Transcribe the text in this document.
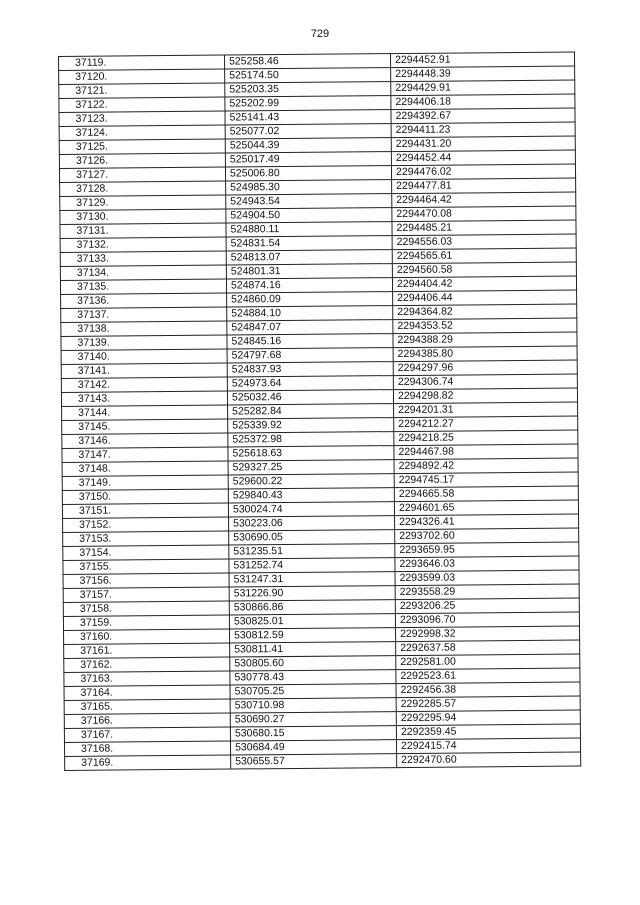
729
37119.	525258.46	2294452.91
37120.	525174.50	2294448.39
37121.	525203.35	2294429.91
37122.	525202.99	2294406.18
37123.	525141.43	2294392.67
37124.	525077.02	2294411.23
37125.	525044.39	2294431.20
37126.	525017.49	2294452.44
37127.	525006.80	2294476.02
37128.	524985.30	2294477.81
37129.	524943.54	2294464.42
37130.	524904.50	2294470.08
37131.	524880.11	2294485.21
37132.	524831.54	2294556.03
37133.	524813.07	2294565.61
37134.	524801.31	2294560.58
37135.	524874.16	2294404.42
37136.	524860.09	2294406.44
37137.	524884.10	2294364.82
37138.	524847.07	2294353.52
37139.	524845.16	2294388.29
37140.	524797.68	2294385.80
37141.	524837.93	2294297.96
37142.	524973.64	2294306.74
37143.	525032.46	2294298.82
37144.	525282.84	2294201.31
37145.	525339.92	2294212.27
37146.	525372.98	2294218.25
37147.	525618.63	2294467.98
37148.	529327.25	2294892.42
37149.	529600.22	2294745.17
37150.	529840.43	2294665.58
37151.	530024.74	2294601.65
37152.	530223.06	2294326.41
37153.	530690.05	2293702.60
37154.	531235.51	2293659.95
37155.	531252.74	2293646.03
37156.	531247.31	2293599.03
37157.	531226.90	2293558.29
37158.	530866.86	2293206.25
37159.	530825.01	2293096.70
37160.	530812.59	2292998.32
37161.	530811.41	2292637.58
37162.	530805.60	2292581.00
37163.	530778.43	2292523.61
37164.	530705.25	2292456.38
37165.	530710.98	2292285.57
37166.	530690.27	2292295.94
37167.	530680.15	2292359.45
37168.	530684.49	2292415.74
37169.	530655.57	2292470.60
